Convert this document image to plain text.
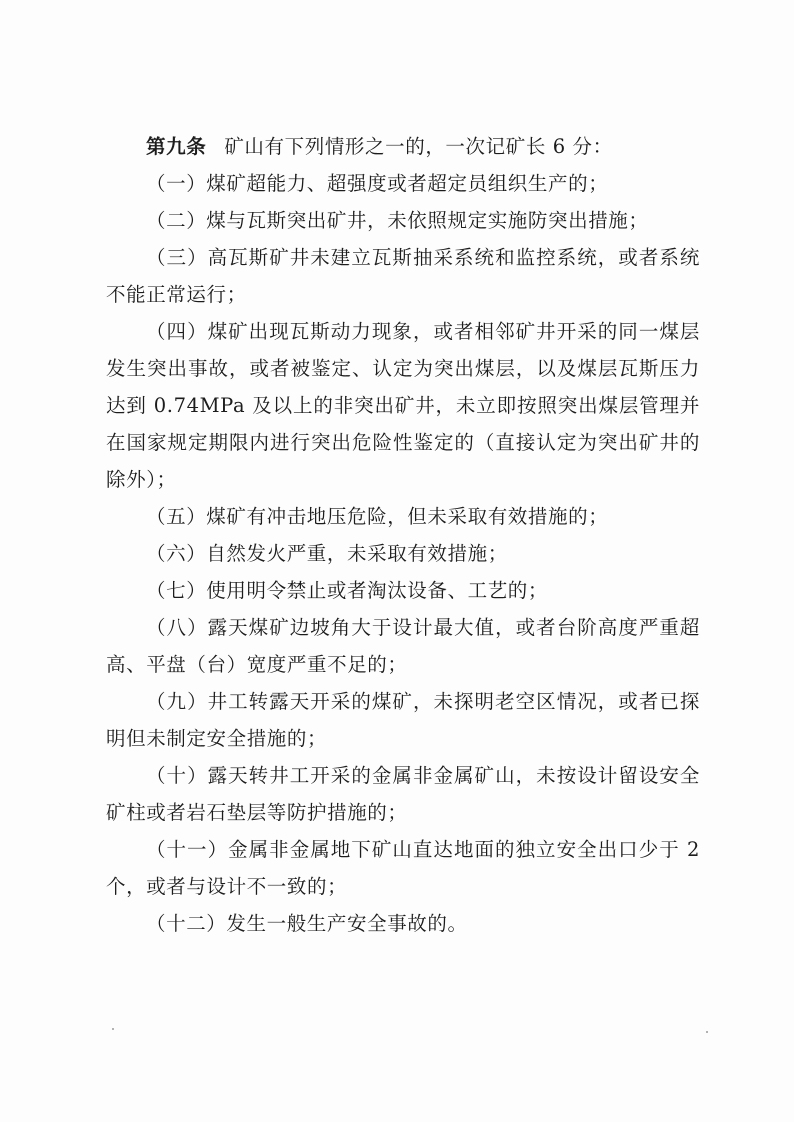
第九条 矿山有下列情形之一的，一次记矿长 6 分：

（一）煤矿超能力、超强度或者超定员组织生产的；

（二）煤与瓦斯突出矿井，未依照规定实施防突出措施；

（三）高瓦斯矿井未建立瓦斯抽采系统和监控系统，或者系统不能正常运行；

（四）煤矿出现瓦斯动力现象，或者相邻矿井开采的同一煤层发生突出事故，或者被鉴定、认定为突出煤层，以及煤层瓦斯压力达到 0.74MPa 及以上的非突出矿井，未立即按照突出煤层管理并在国家规定期限内进行突出危险性鉴定的（直接认定为突出矿井的除外）；

（五）煤矿有冲击地压危险，但未采取有效措施的；

（六）自然发火严重，未采取有效措施；

（七）使用明令禁止或者淘汰设备、工艺的；

（八）露天煤矿边坡角大于设计最大值，或者台阶高度严重超高、平盘（台）宽度严重不足的；

（九）井工转露天开采的煤矿，未探明老空区情况，或者已探明但未制定安全措施的；

（十）露天转井工开采的金属非金属矿山，未按设计留设安全矿柱或者岩石垫层等防护措施的；

（十一）金属非金属地下矿山直达地面的独立安全出口少于 2 个，或者与设计不一致的；

（十二）发生一般生产安全事故的。
